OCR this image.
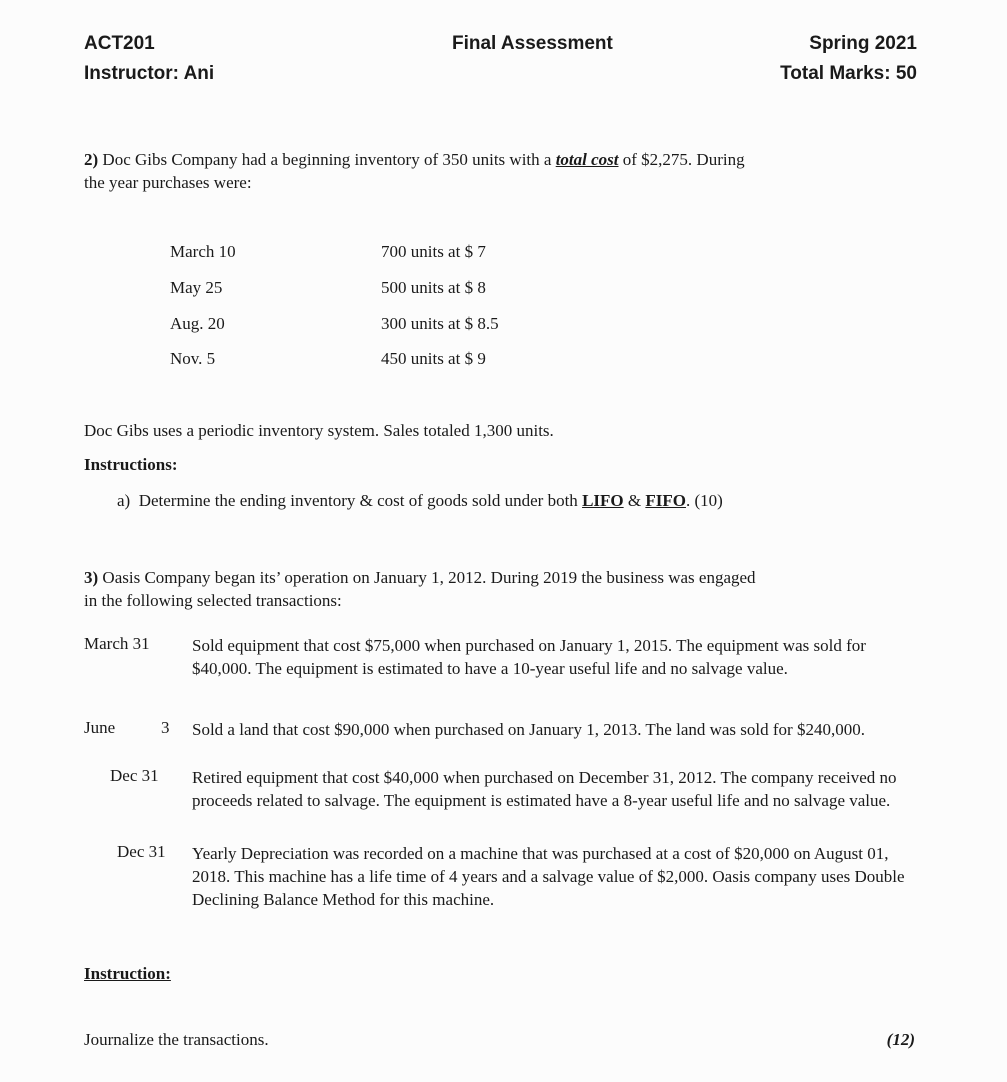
ACT201	Final Assessment	Spring 2021
Instructor: Ani	Total Marks: 50
2) Doc Gibs Company had a beginning inventory of 350 units with a total cost of $2,275. During
the year purchases were:
March 10	700 units at $ 7
May 25	500 units at $ 8
Aug. 20	300 units at $ 8.5
Nov. 5	450 units at $ 9
Doc Gibs uses a periodic inventory system. Sales totaled 1,300 units.
Instructions:
a) Determine the ending inventory & cost of goods sold under both LIFO & FIFO. (10)
3) Oasis Company began its’ operation on January 1, 2012. During 2019 the business was engaged
in the following selected transactions:
March 31 Sold equipment that cost $75,000 when purchased on January 1, 2015. The equipment was sold for $40,000. The equipment is estimated to have a 10-year useful life and no salvage value.
June	3 Sold a land that cost $90,000 when purchased on January 1, 2013. The land was sold for $240,000.
Dec 31 Retired equipment that cost $40,000 when purchased on December 31, 2012. The company received no proceeds related to salvage. The equipment is estimated have a 8-year useful life and no salvage value.
Dec 31 Yearly Depreciation was recorded on a machine that was purchased at a cost of $20,000 on August 01, 2018. This machine has a life time of 4 years and a salvage value of $2,000. Oasis company uses Double Declining Balance Method for this machine.
Instruction:
Journalize the transactions.	(12)
